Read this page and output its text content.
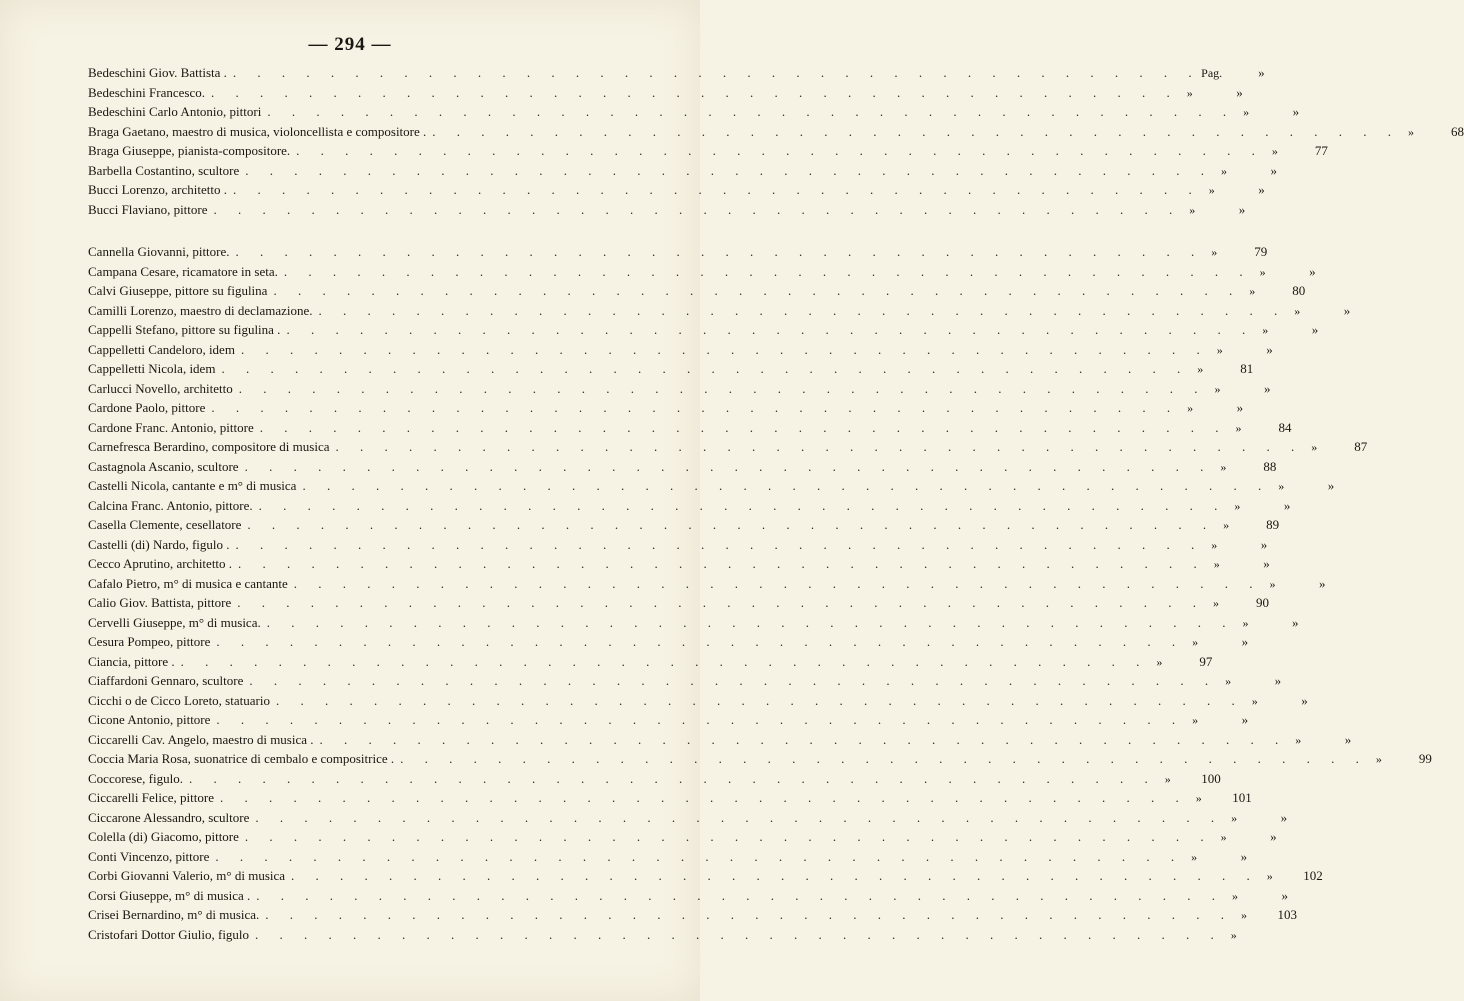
— 294 —
Bedeschini Giov. Battista . . . . . . . . . . . . . . . . . . . . . . . . . . . . . . . . . . . . . . . . . Pag.	»
Bedeschini Francesco. . . . . . . . . . . . . . . . . . . . . . . . . . . . . . . . . . . . . . . . . »	»
Bedeschini Carlo Antonio, pittori . . . . . . . . . . . . . . . . . . . . . . . . . . . . . . . . . . . . . . . . »	»
Braga Gaetano, maestro di musica, violoncellista e compositore . . . . . . . . . . . . . . . . . . . . . . . . . . . . . . . . . . . . . . . . . »	68
Braga Giuseppe, pianista-compositore. . . . . . . . . . . . . . . . . . . . . . . . . . . . . . . . . . . . . . . . . »	77
Barbella Costantino, scultore . . . . . . . . . . . . . . . . . . . . . . . . . . . . . . . . . . . . . . . . »	»
Bucci Lorenzo, architetto . . . . . . . . . . . . . . . . . . . . . . . . . . . . . . . . . . . . . . . . . »	»
Bucci Flaviano, pittore . . . . . . . . . . . . . . . . . . . . . . . . . . . . . . . . . . . . . . . . »	»
Cannella Giovanni, pittore. . . . . . . . . . . . . . . . . . . . . . . . . . . . . . . . . . . . . . . . . »	79
Campana Cesare, ricamatore in seta. . . . . . . . . . . . . . . . . . . . . . . . . . . . . . . . . . . . . . . . . »	»
Calvi Giuseppe, pittore su figulina . . . . . . . . . . . . . . . . . . . . . . . . . . . . . . . . . . . . . . . . »	80
Camilli Lorenzo, maestro di declamazione. . . . . . . . . . . . . . . . . . . . . . . . . . . . . . . . . . . . . . . . . »	»
Cappelli Stefano, pittore su figulina . . . . . . . . . . . . . . . . . . . . . . . . . . . . . . . . . . . . . . . . . »	»
Cappelletti Candeloro, idem . . . . . . . . . . . . . . . . . . . . . . . . . . . . . . . . . . . . . . . . »	»
Cappelletti Nicola, idem . . . . . . . . . . . . . . . . . . . . . . . . . . . . . . . . . . . . . . . . »	81
Carlucci Novello, architetto . . . . . . . . . . . . . . . . . . . . . . . . . . . . . . . . . . . . . . . . »	»
Cardone Paolo, pittore . . . . . . . . . . . . . . . . . . . . . . . . . . . . . . . . . . . . . . . . »	»
Cardone Franc. Antonio, pittore . . . . . . . . . . . . . . . . . . . . . . . . . . . . . . . . . . . . . . . . »	84
Carnefresca Berardino, compositore di musica . . . . . . . . . . . . . . . . . . . . . . . . . . . . . . . . . . . . . . . . »	87
Castagnola Ascanio, scultore . . . . . . . . . . . . . . . . . . . . . . . . . . . . . . . . . . . . . . . . »	88
Castelli Nicola, cantante e m° di musica . . . . . . . . . . . . . . . . . . . . . . . . . . . . . . . . . . . . . . . . »	»
Calcina Franc. Antonio, pittore. . . . . . . . . . . . . . . . . . . . . . . . . . . . . . . . . . . . . . . . . »	»
Casella Clemente, cesellatore . . . . . . . . . . . . . . . . . . . . . . . . . . . . . . . . . . . . . . . . »	89
Castelli (di) Nardo, figulo . . . . . . . . . . . . . . . . . . . . . . . . . . . . . . . . . . . . . . . . . »	»
Cecco Aprutino, architetto . . . . . . . . . . . . . . . . . . . . . . . . . . . . . . . . . . . . . . . . . »	»
Cafalo Pietro, m° di musica e cantante . . . . . . . . . . . . . . . . . . . . . . . . . . . . . . . . . . . . . . . . »	»
Calio Giov. Battista, pittore . . . . . . . . . . . . . . . . . . . . . . . . . . . . . . . . . . . . . . . . »	90
Cervelli Giuseppe, m° di musica. . . . . . . . . . . . . . . . . . . . . . . . . . . . . . . . . . . . . . . . . »	»
Cesura Pompeo, pittore . . . . . . . . . . . . . . . . . . . . . . . . . . . . . . . . . . . . . . . . »	»
Ciancia, pittore . . . . . . . . . . . . . . . . . . . . . . . . . . . . . . . . . . . . . . . . . »	97
Ciaffardoni Gennaro, scultore . . . . . . . . . . . . . . . . . . . . . . . . . . . . . . . . . . . . . . . . »	»
Cicchi o de Cicco Loreto, statuario . . . . . . . . . . . . . . . . . . . . . . . . . . . . . . . . . . . . . . . . »	»
Cicone Antonio, pittore . . . . . . . . . . . . . . . . . . . . . . . . . . . . . . . . . . . . . . . . »	»
Ciccarelli Cav. Angelo, maestro di musica . . . . . . . . . . . . . . . . . . . . . . . . . . . . . . . . . . . . . . . . . »	»
Coccia Maria Rosa, suonatrice di cembalo e compositrice . . . . . . . . . . . . . . . . . . . . . . . . . . . . . . . . . . . . . . . . . »	99
Coccorese, figulo. . . . . . . . . . . . . . . . . . . . . . . . . . . . . . . . . . . . . . . . . »	100
Ciccarelli Felice, pittore . . . . . . . . . . . . . . . . . . . . . . . . . . . . . . . . . . . . . . . . »	101
Ciccarone Alessandro, scultore . . . . . . . . . . . . . . . . . . . . . . . . . . . . . . . . . . . . . . . . »	»
Colella (di) Giacomo, pittore . . . . . . . . . . . . . . . . . . . . . . . . . . . . . . . . . . . . . . . . »	»
Conti Vincenzo, pittore . . . . . . . . . . . . . . . . . . . . . . . . . . . . . . . . . . . . . . . . »	»
Corbi Giovanni Valerio, m° di musica . . . . . . . . . . . . . . . . . . . . . . . . . . . . . . . . . . . . . . . . »	102
Corsi Giuseppe, m° di musica . . . . . . . . . . . . . . . . . . . . . . . . . . . . . . . . . . . . . . . . . »	»
Crisei Bernardino, m° di musica. . . . . . . . . . . . . . . . . . . . . . . . . . . . . . . . . . . . . . . . . »	103
Cristofari Dottor Giulio, figulo . . . . . . . . . . . . . . . . . . . . . . . . . . . . . . . . . . . . . . . . »
